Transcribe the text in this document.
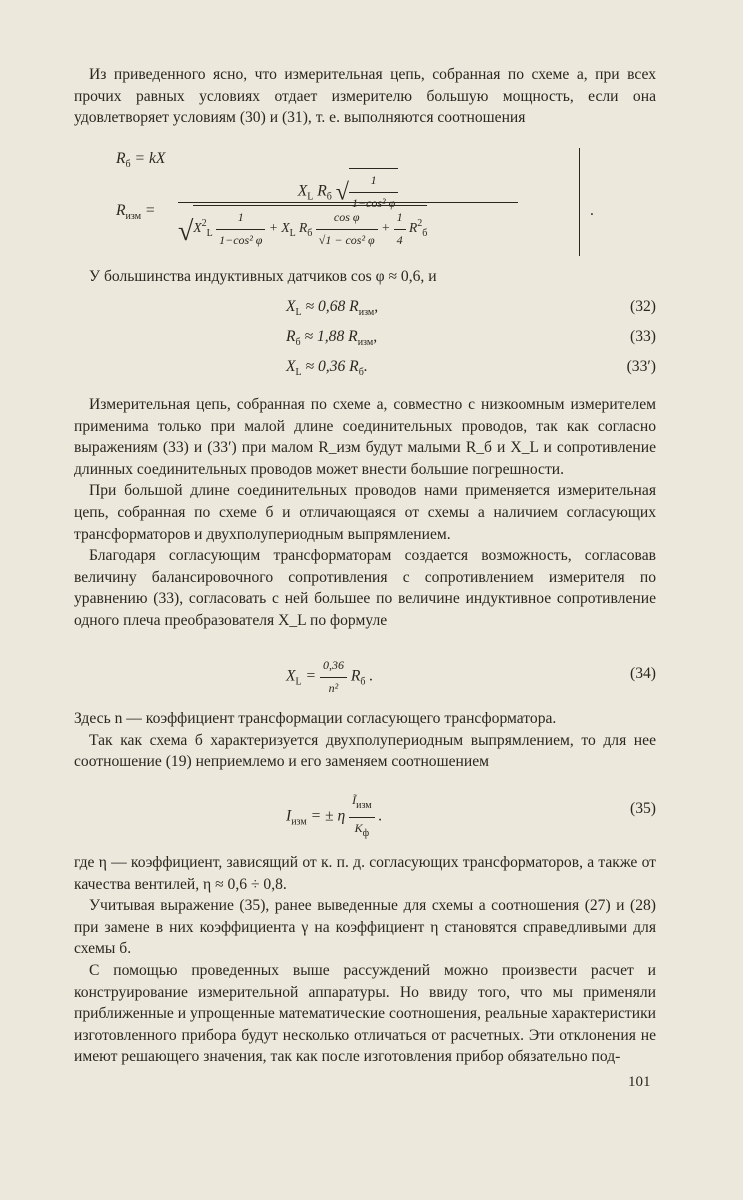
Из приведенного ясно, что измерительная цепь, собранная по схеме а, при всех прочих равных условиях отдает измерителю большую мощность, если она удовлетворяет условиям (30) и (31), т. е. выполняются соотношения

$R_б$ = kX
$R_{изм}$ =
$X_L$ $R_б$ √ $\frac{1}{\text{1−cos² φ}}$
$√X^2_L \frac{1}{\text{1−cos² φ}} + X_L$ $R_б \frac{\text{cos φ}}{\text{√1 − cos² φ}} + \frac{1}{4} R^2_б$
.

У большинства индуктивных датчиков cos φ ≈ 0,6, и

$X_L \approx 0,68$ $R_{изм}$,	(32)
$R_б \approx 1,88$ $R_{изм}$,	(33)
$X_L \approx 0,36$ $R_б$.	(33′)

Измерительная цепь, собранная по схеме а, совместно с низкоомным измерителем применима только при малой длине соединительных проводов, так как согласно выражениям (33) и (33′) при малом R_изм будут малыми R_б и X_L и сопротивление длинных соединительных проводов может внести большие погрешности.

При большой длине соединительных проводов нами применяется измерительная цепь, собранная по схеме б и отличающаяся от схемы а наличием согласующих трансформаторов и двухполупериодным выпрямлением.

Благодаря согласующим трансформаторам создается возможность, согласовав величину балансировочного сопротивления с сопротивлением измерителя по уравнению (33), согласовать с ней большее по величине индуктивное сопротивление одного плеча преобразователя X_L по формуле

$X_L = \frac{0,36}{\text{n²}} R_б$ .	(34)

Здесь n — коэффициент трансформации согласующего трансформатора.

Так как схема б характеризуется двухполупериодным выпрямлением, то для нее соотношение (19) неприемлемо и его заменяем соотношением

$I_{изм}$ = ± η $\frac{Ĩ_{изм}}{K_ф}$ .	(35)

где η — коэффициент, зависящий от к. п. д. согласующих трансформаторов, а также от качества вентилей, η ≈ 0,6 ÷ 0,8.

Учитывая выражение (35), ранее выведенные для схемы а соотношения (27) и (28) при замене в них коэффициента γ на коэффициент η становятся справедливыми для схемы б.

С помощью проведенных выше рассуждений можно произвести расчет и конструирование измерительной аппаратуры. Но ввиду того, что мы применяли приближенные и упрощенные математические соотношения, реальные характеристики изготовленного прибора будут несколько отличаться от расчетных. Эти отклонения не имеют решающего значения, так как после изготовления прибор обязательно под-

101
